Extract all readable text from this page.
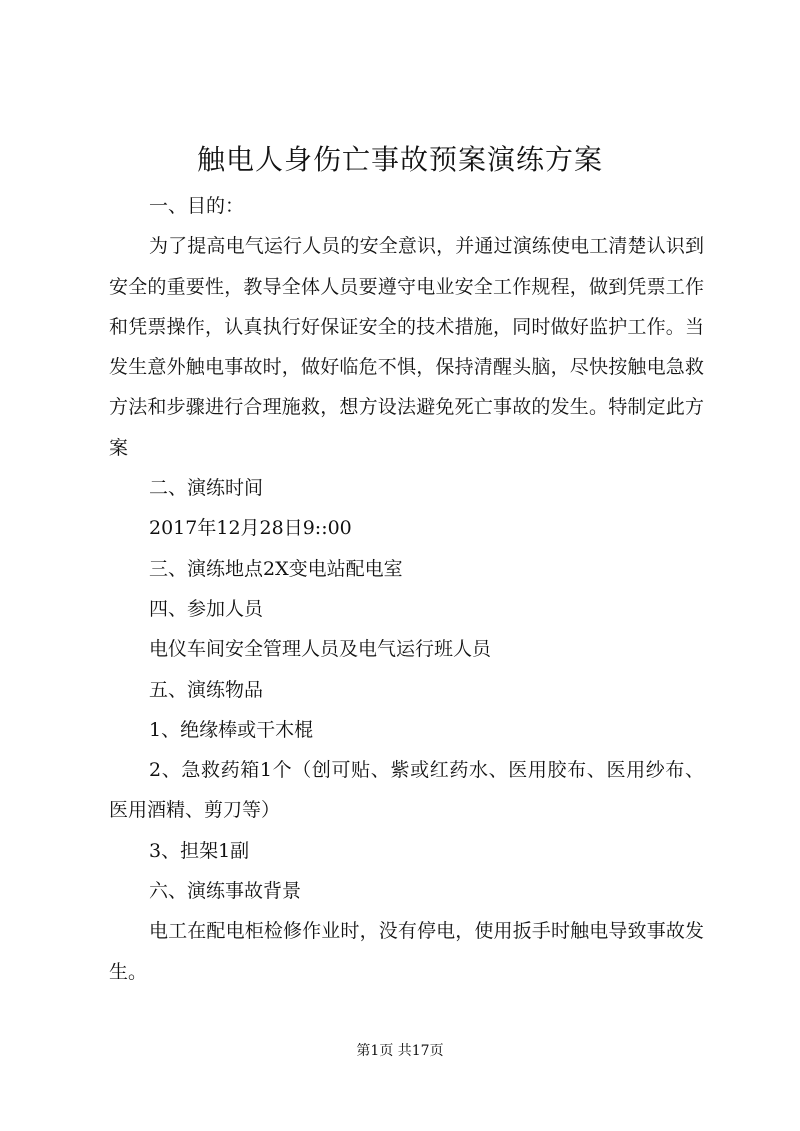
触电人身伤亡事故预案演练方案

一、目的：

为了提高电气运行人员的安全意识，并通过演练使电工清楚认识到安全的重要性，教导全体人员要遵守电业安全工作规程，做到凭票工作和凭票操作，认真执行好保证安全的技术措施，同时做好监护工作。当发生意外触电事故时，做好临危不惧，保持清醒头脑，尽快按触电急救方法和步骤进行合理施救，想方设法避免死亡事故的发生。特制定此方案

二、演练时间

2017年12月28日9::00

三、演练地点2X变电站配电室

四、参加人员

电仪车间安全管理人员及电气运行班人员

五、演练物品

1、绝缘棒或干木棍

2、急救药箱1个（创可贴、紫或红药水、医用胶布、医用纱布、医用酒精、剪刀等）

3、担架1副

六、演练事故背景

电工在配电柜检修作业时，没有停电，使用扳手时触电导致事故发生。

第1页 共17页
